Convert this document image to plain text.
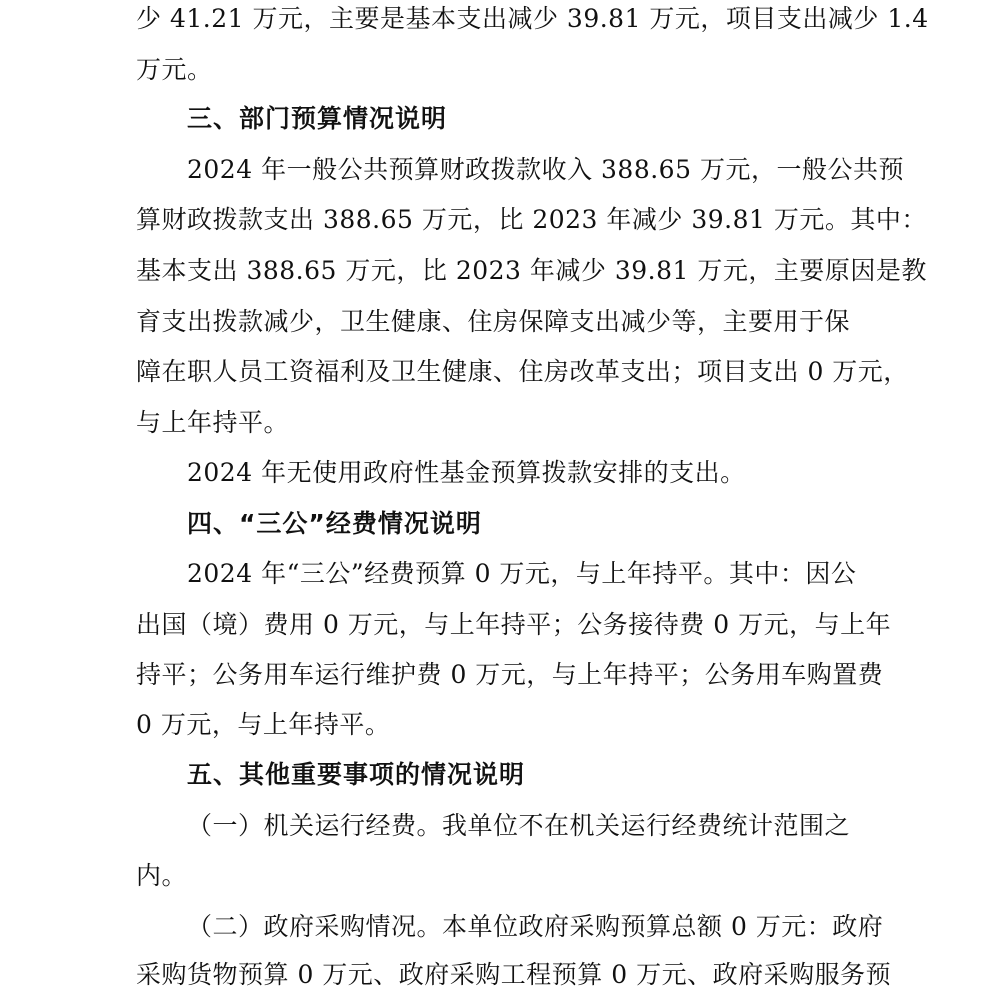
少 41.21 万元，主要是基本支出减少 39.81 万元，项目支出减少 1.4
万元。
三、部门预算情况说明
2024 年一般公共预算财政拨款收入 388.65 万元，一般公共预
算财政拨款支出 388.65 万元，比 2023 年减少 39.81 万元。其中：
基本支出 388.65 万元，比 2023 年减少 39.81 万元，主要原因是教
育支出拨款减少，卫生健康、住房保障支出减少等，主要用于保
障在职人员工资福利及卫生健康、住房改革支出；项目支出 0 万元，
与上年持平。
2024 年无使用政府性基金预算拨款安排的支出。
四、“三公”经费情况说明
2024 年“三公”经费预算 0 万元，与上年持平。其中：因公
出国（境）费用 0 万元，与上年持平；公务接待费 0 万元，与上年
持平；公务用车运行维护费 0 万元，与上年持平；公务用车购置费
0 万元，与上年持平。
五、其他重要事项的情况说明
（一）机关运行经费。我单位不在机关运行经费统计范围之
内。
（二）政府采购情况。本单位政府采购预算总额 0 万元：政府
采购货物预算 0 万元、政府采购工程预算 0 万元、政府采购服务预
